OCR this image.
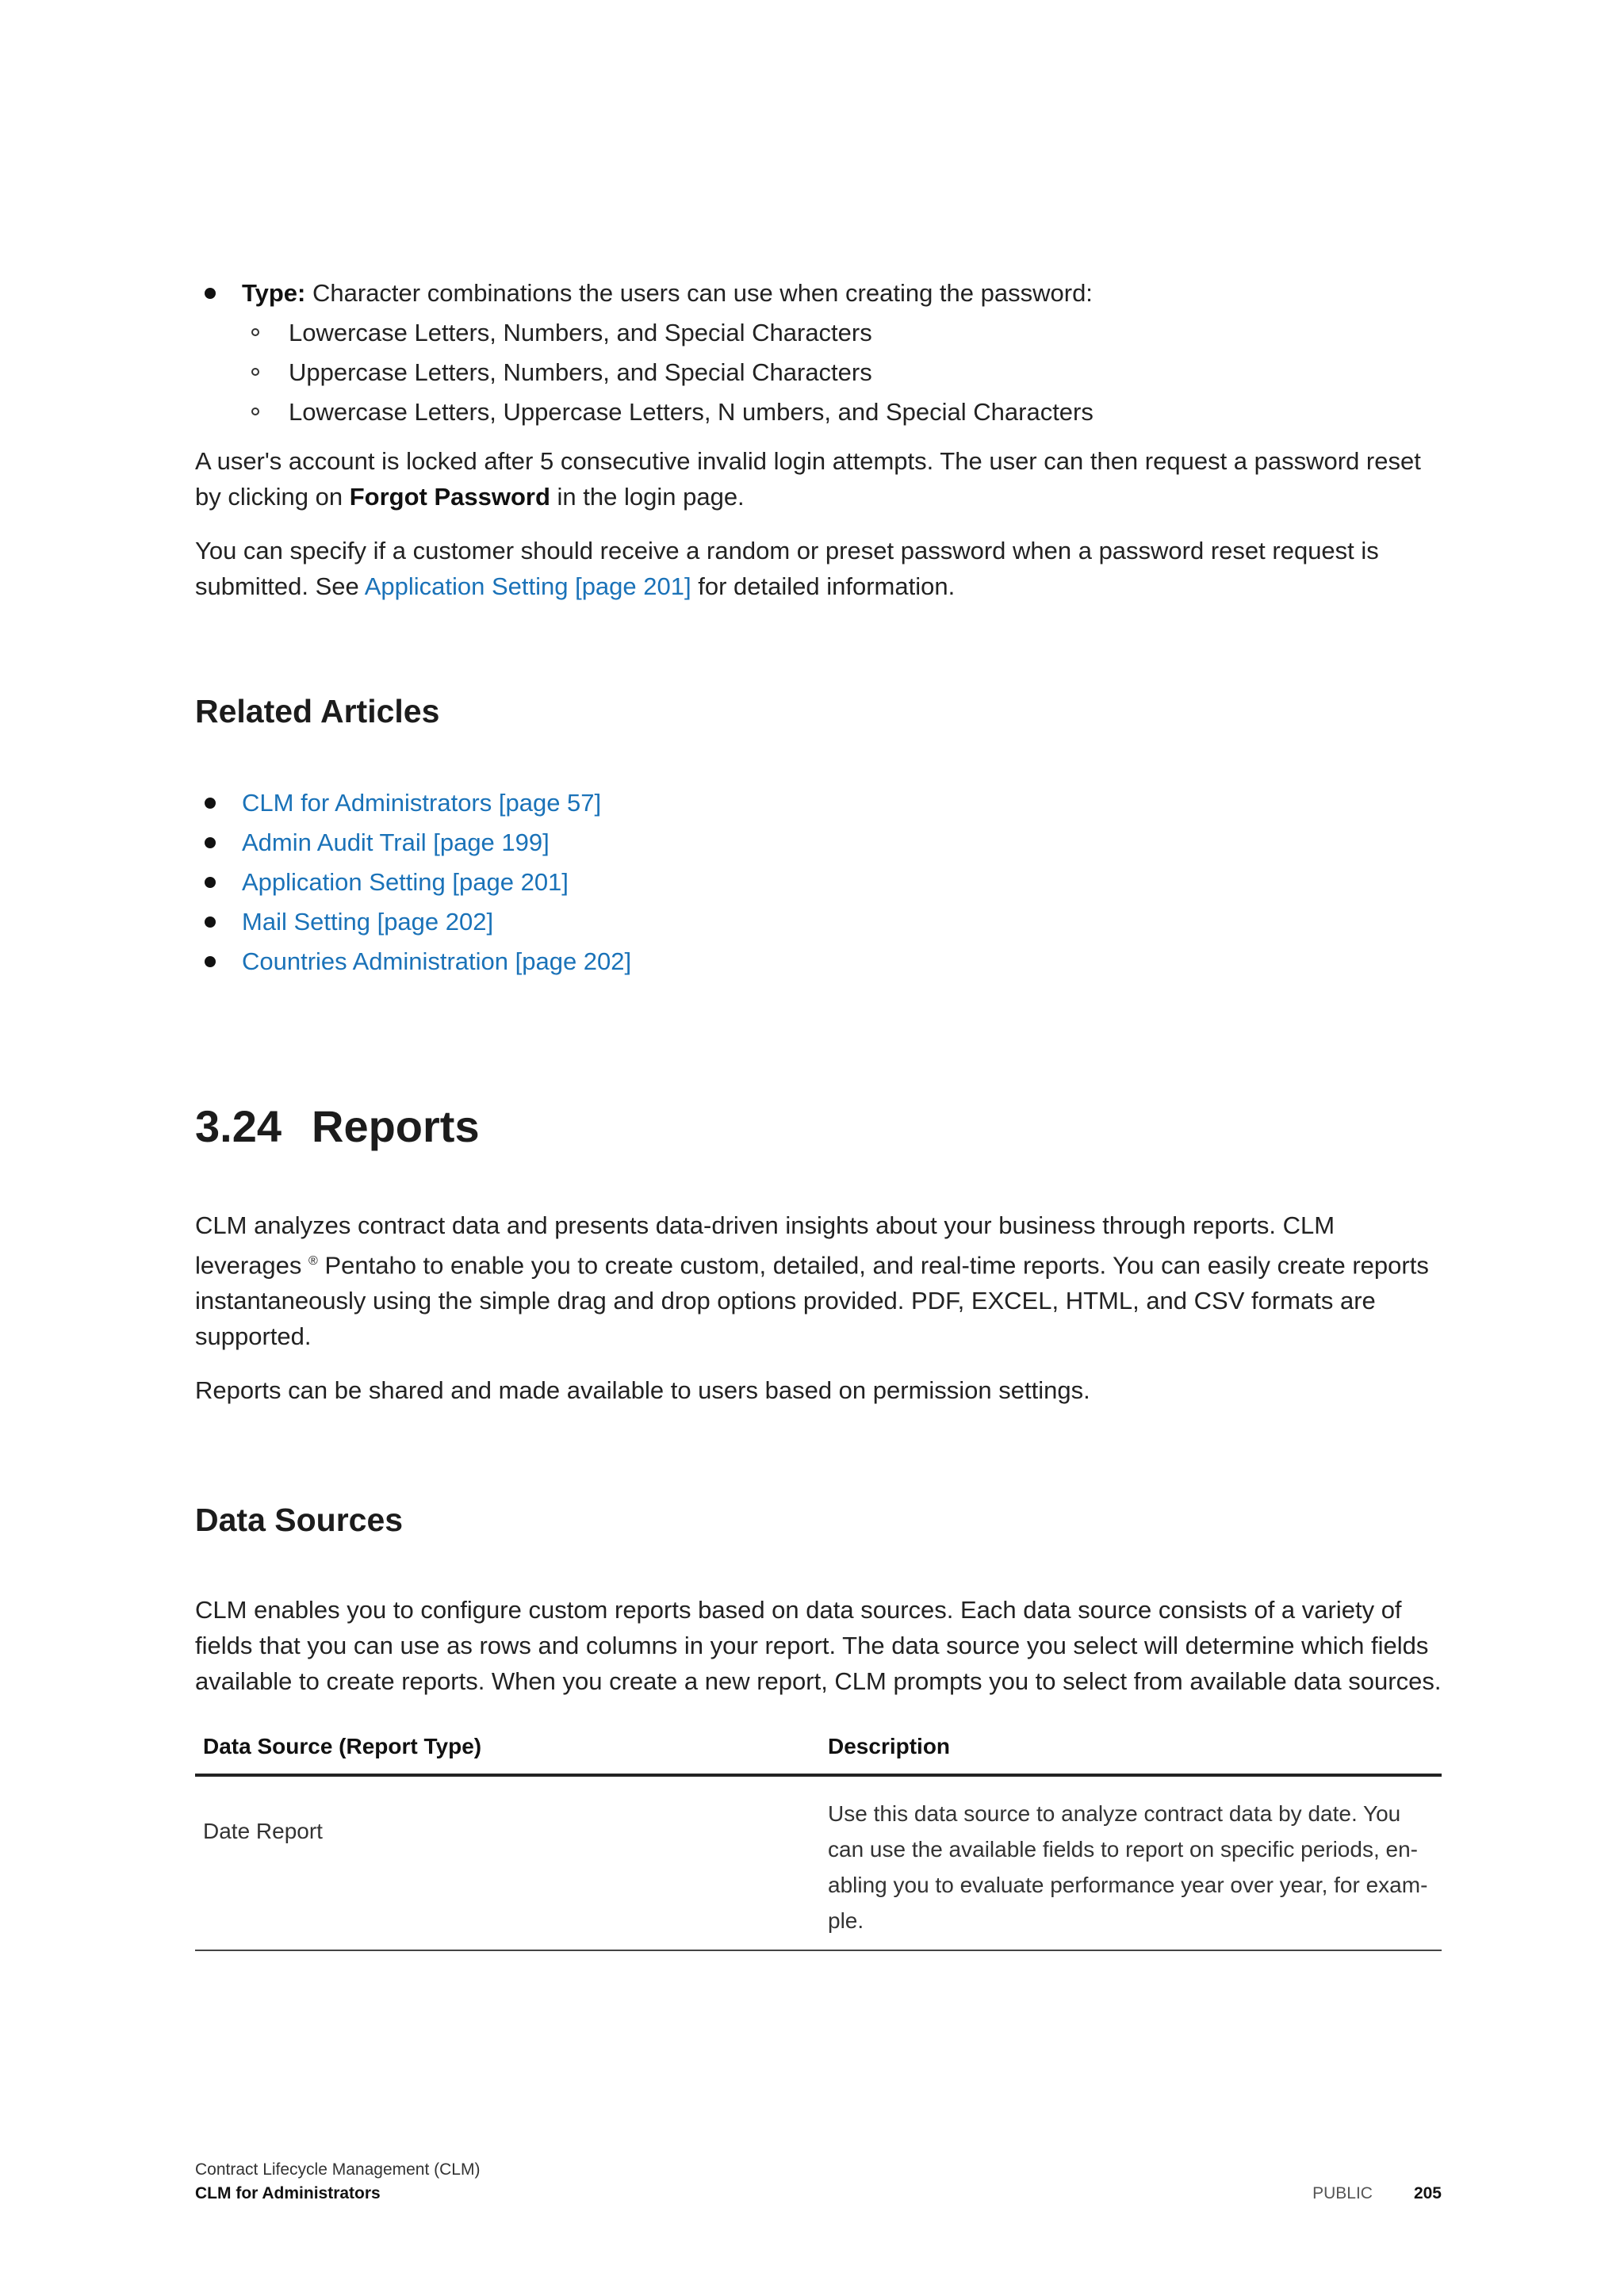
Type: Character combinations the users can use when creating the password:
Lowercase Letters, Numbers, and Special Characters
Uppercase Letters, Numbers, and Special Characters
Lowercase Letters, Uppercase Letters, N umbers, and Special Characters

A user's account is locked after 5 consecutive invalid login attempts. The user can then request a password reset by clicking on Forgot Password in the login page.

You can specify if a customer should receive a random or preset password when a password reset request is submitted. See Application Setting [page 201] for detailed information.

Related Articles
CLM for Administrators [page 57]
Admin Audit Trail [page 199]
Application Setting [page 201]
Mail Setting [page 202]
Countries Administration [page 202]
3.24 Reports

CLM analyzes contract data and presents data-driven insights about your business through reports. CLM leverages ® Pentaho to enable you to create custom, detailed, and real-time reports. You can easily create reports instantaneously using the simple drag and drop options provided. PDF, EXCEL, HTML, and CSV formats are supported.

Reports can be shared and made available to users based on permission settings.

Data Sources

CLM enables you to configure custom reports based on data sources. Each data source consists of a variety of fields that you can use as rows and columns in your report. The data source you select will determine which fields available to create reports. When you create a new report, CLM prompts you to select from available data sources.

Data Source (Report Type)	Description
Date Report	Use this data source to analyze contract data by date. You can use the available fields to report on specific periods, en-abling you to evaluate performance year over year, for exam-ple.
Contract Lifecycle Management (CLM)
CLM for Administrators	PUBLIC 205
